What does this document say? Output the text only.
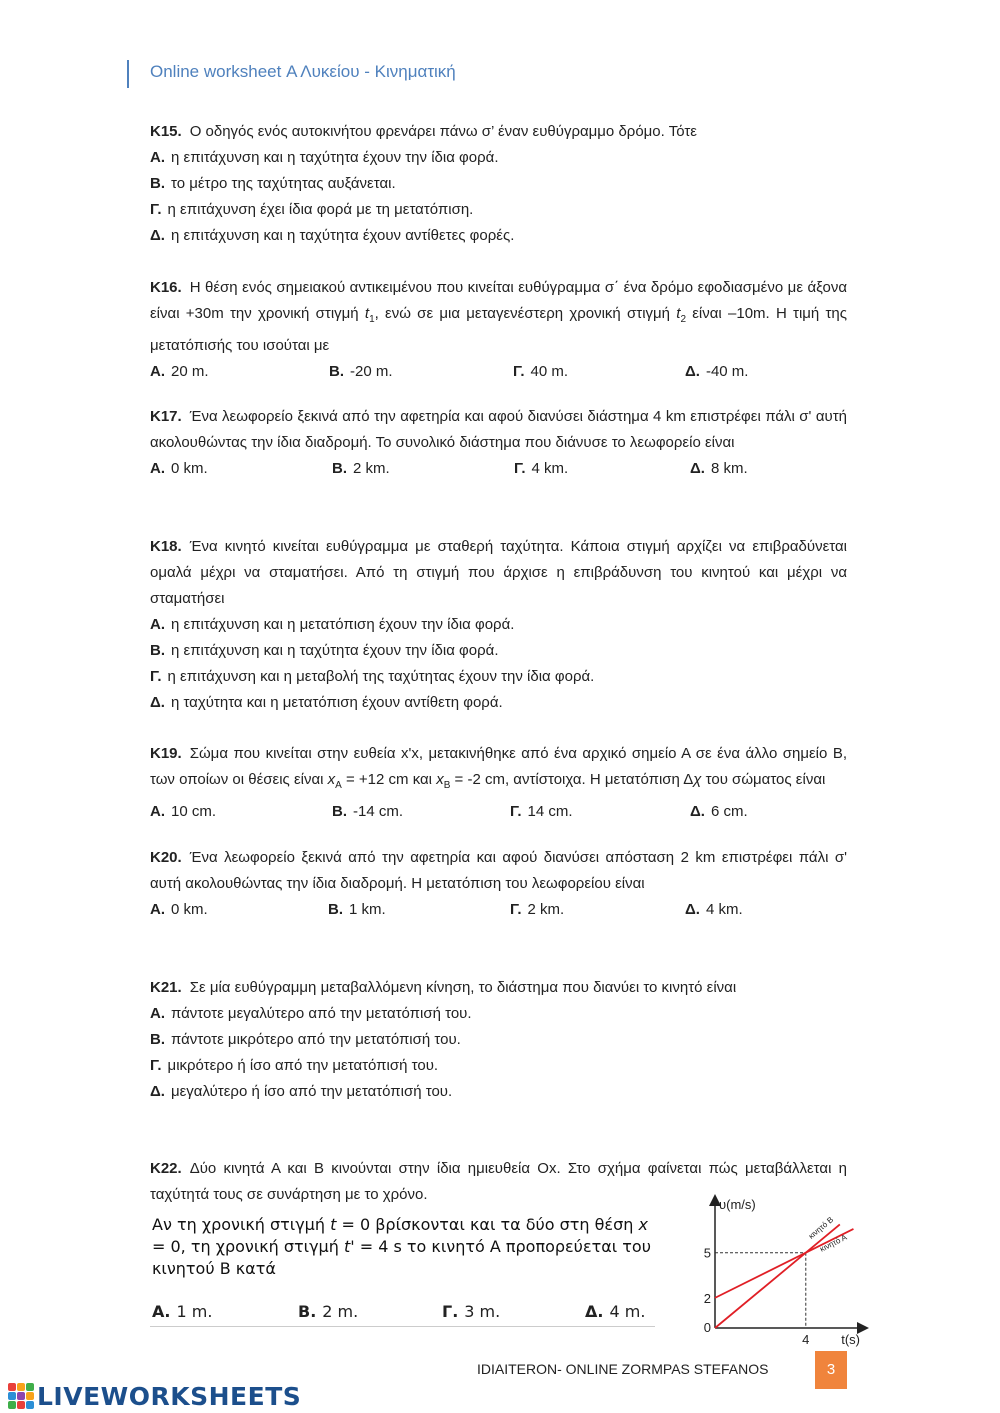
Online worksheet Α Λυκείου - Κινηματική
Κ15. Ο οδηγός ενός αυτοκινήτου φρενάρει πάνω σ’ έναν ευθύγραμμο δρόμο. Τότε
Α. η επιτάχυνση και η ταχύτητα έχουν την ίδια φορά.
Β. το μέτρο της ταχύτητας αυξάνεται.
Γ. η επιτάχυνση έχει ίδια φορά με τη μετατόπιση.
Δ. η επιτάχυνση και η ταχύτητα έχουν αντίθετες φορές.
Κ16. Η θέση ενός σημειακού αντικειμένου που κινείται ευθύγραμμα σ΄ ένα δρόμο εφοδιασμένο με άξονα είναι +30m την χρονική στιγμή $t_1$, ενώ σε μια μεταγενέστερη χρονική στιγμή $t_2$ είναι –10m. Η τιμή της μετατόπισής του ισούται με
Α. 20 m.	Β. -20 m.	Γ. 40 m.	Δ. -40 m.
Κ17. Ένα λεωφορείο ξεκινά από την αφετηρία και αφού διανύσει διάστημα 4 km επιστρέφει πάλι σ' αυτή ακολουθώντας την ίδια διαδρομή. Το συνολικό διάστημα που διάνυσε το λεωφορείο είναι
Α. 0 km.	Β. 2 km.	Γ. 4 km.	Δ. 8 km.
Κ18. Ένα κινητό κινείται ευθύγραμμα με σταθερή ταχύτητα. Κάποια στιγμή αρχίζει να επιβραδύνεται ομαλά μέχρι να σταματήσει. Από τη στιγμή που άρχισε η επιβράδυνση του κινητού και μέχρι να σταματήσει
Α. η επιτάχυνση και η μετατόπιση έχουν την ίδια φορά.
Β. η επιτάχυνση και η ταχύτητα έχουν την ίδια φορά.
Γ. η επιτάχυνση και η μεταβολή της ταχύτητας έχουν την ίδια φορά.
Δ. η ταχύτητα και η μετατόπιση έχουν αντίθετη φορά.
Κ19. Σώμα που κινείται στην ευθεία x'x, μετακινήθηκε από ένα αρχικό σημείο Α σε ένα άλλο σημείο Β, των οποίων οι θέσεις είναι $x_A = +12$ cm και $x_B = -2$ cm, αντίστοιχα. Η μετατόπιση Δχ του σώματος είναι
Α. 10 cm.	Β. -14 cm.	Γ. 14 cm.	Δ. 6 cm.
Κ20. Ένα λεωφορείο ξεκινά από την αφετηρία και αφού διανύσει απόσταση 2 km επιστρέφει πάλι σ' αυτή ακολουθώντας την ίδια διαδρομή. Η μετατόπιση του λεωφορείου είναι
Α. 0 km.	Β. 1 km.	Γ. 2 km.	Δ. 4 km.
Κ21. Σε μία ευθύγραμμη μεταβαλλόμενη κίνηση, το διάστημα που διανύει το κινητό είναι
Α. πάντοτε μεγαλύτερο από την μετατόπισή του.
Β. πάντοτε μικρότερο από την μετατόπισή του.
Γ. μικρότερο ή ίσο από την μετατόπισή του.
Δ. μεγαλύτερο ή ίσο από την μετατόπισή του.
Κ22. Δύο κινητά Α και Β κινούνται στην ίδια ημιευθεία Οx. Στο σχήμα φαίνεται πώς μεταβάλλεται η ταχύτητά τους σε συνάρτηση με το χρόνο.
Αν τη χρονική στιγμή t = 0 βρίσκονται και τα δύο στη θέση x = 0, τη χρονική στιγμή t' = 4 s το κινητό Α προπορεύεται του κινητού Β κατά
Α. 1 m.	Β. 2 m.	Γ. 3 m.	Δ. 4 m.
κινητό Α
κινητό Β
υ(m/s)
t(s)
0
2
5
4
IDIAITERON- ONLINE ZORMPAS STEFANOS	3
LIVEWORKSHEETS
